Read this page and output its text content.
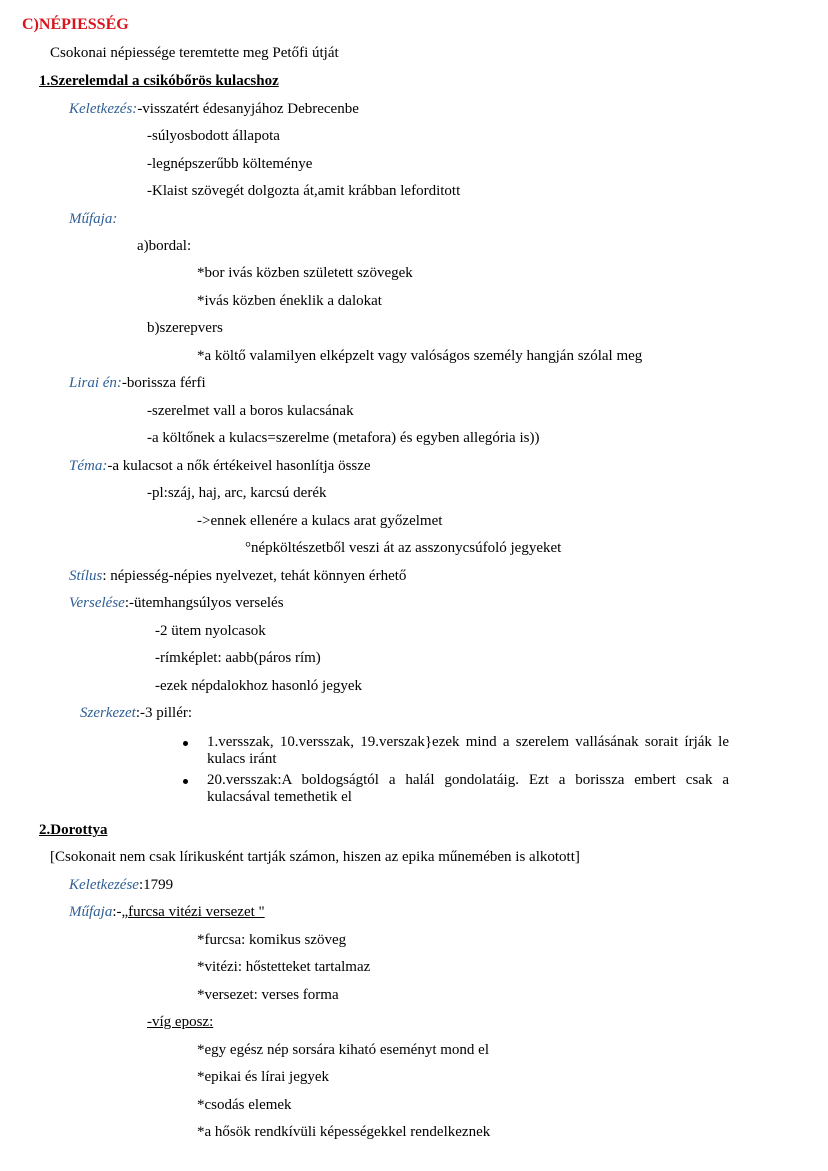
C)NÉPIESSÉG
Csokonai népiessége teremtette meg Petőfi útját
1.Szerelemdal a csikóbőrös kulacshoz
Keletkezés:-visszatért édesanyjához Debrecenbe
-súlyosbodott állapota
-legnépszerűbb költeménye
-Klaist szövegét dolgozta át,amit krábban leforditott
Műfaja:
a)bordal:
*bor ivás közben született szövegek
*ivás közben éneklik a dalokat
b)szerepvers
*a költő valamilyen elképzelt vagy valóságos személy hangján szólal meg
Lirai én:-borissza férfi
-szerelmet vall a boros kulacsának
-a költőnek a kulacs=szerelme (metafora) és egyben allegória is))
Téma:-a kulacsot a nők értékeivel hasonlítja össze
-pl:száj, haj, arc, karcsú derék
->ennek ellenére a kulacs arat győzelmet
°népköltészetből veszi át az asszonycsúfoló jegyeket
Stílus: népiesség-népies nyelvezet, tehát könnyen érhető
Verselése:-ütemhangsúlyos verselés
-2 ütem nyolcasok
-rímképlet: aabb(páros rím)
-ezek népdalokhoz hasonló jegyek
Szerkezet:-3 pillér:
1.versszak, 10.versszak, 19.verszak}ezek mind a szerelem vallásának sorait írják le kulacs iránt
20.versszak:A boldogságtól a halál gondolatáig. Ezt a borissza embert csak a kulacsával temethetik el
2.Dorottya
[Csokonait nem csak lírikusként tartják számon, hiszen az epika műnemében is alkotott]
Keletkezése:1799
Műfaja:-„furcsa vitézi versezet "
*furcsa: komikus szöveg
*vitézi: hőstetteket tartalmaz
*versezet: verses forma
-víg eposz:
*egy egész nép sorsára kiható eseményt mond el
*epikai és lírai jegyek
*csodás elemek
*a hősök rendkívüli képességekkel rendelkeznek
